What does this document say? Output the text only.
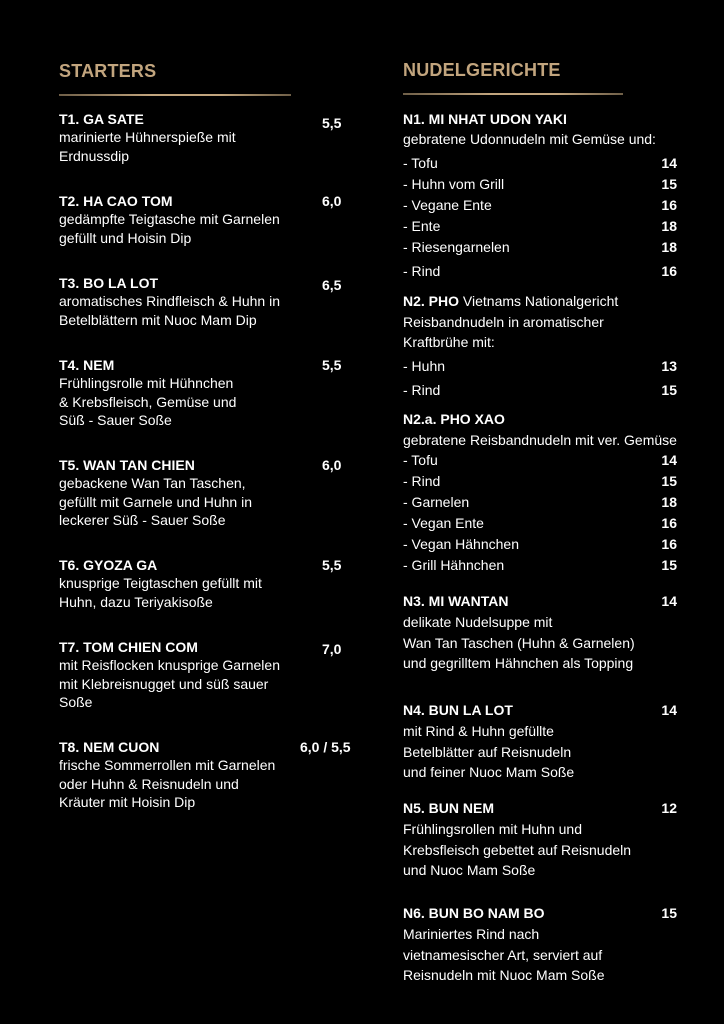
STARTERS
T1. GA SATE	5,5
marinierte Hühnerspieße mit
Erdnussdip
T2. HA CAO TOM	6,0
gedämpfte Teigtasche mit Garnelen
gefüllt und Hoisin Dip
T3. BO LA LOT	6,5
aromatisches Rindfleisch & Huhn in
Betelblättern mit Nuoc Mam Dip
T4. NEM	5,5
Frühlingsrolle mit Hühnchen
& Krebsfleisch, Gemüse und
Süß - Sauer Soße
T5. WAN TAN CHIEN	6,0
gebackene Wan Tan Taschen,
gefüllt mit Garnele und Huhn in
leckerer Süß - Sauer Soße
T6. GYOZA GA	5,5
knusprige Teigtaschen gefüllt mit
Huhn, dazu Teriyakisoße
T7. TOM CHIEN COM	7,0
mit Reisflocken knusprige Garnelen
mit Klebreisnugget und süß sauer
Soße
T8. NEM CUON	6,0 / 5,5
frische Sommerrollen mit Garnelen
oder Huhn & Reisnudeln und
Kräuter mit Hoisin Dip
NUDELGERICHTE
N1. MI NHAT UDON YAKI
gebratene Udonnudeln mit Gemüse und:
- Tofu	14
- Huhn vom Grill	15
- Vegane Ente	16
- Ente	18
- Riesengarnelen	18
- Rind	16
N2. PHO Vietnams Nationalgericht
Reisbandnudeln in aromatischer
Kraftbrühe mit:
- Huhn	13
- Rind	15
N2.a. PHO XAO
gebratene Reisbandnudeln mit ver. Gemüse
- Tofu	14
- Rind	15
- Garnelen	18
- Vegan Ente	16
- Vegan Hähnchen	16
- Grill Hähnchen	15
N3. MI WANTAN	14
delikate Nudelsuppe mit
Wan Tan Taschen (Huhn & Garnelen)
und gegrilltem Hähnchen als Topping
N4. BUN LA LOT	14
mit Rind & Huhn gefüllte
Betelblätter auf Reisnudeln
und feiner Nuoc Mam Soße
N5. BUN NEM	12
Frühlingsrollen mit Huhn und
Krebsfleisch gebettet auf Reisnudeln
und Nuoc Mam Soße
N6. BUN BO NAM BO	15
Mariniertes Rind nach
vietnamesischer Art, serviert auf
Reisnudeln mit Nuoc Mam Soße
